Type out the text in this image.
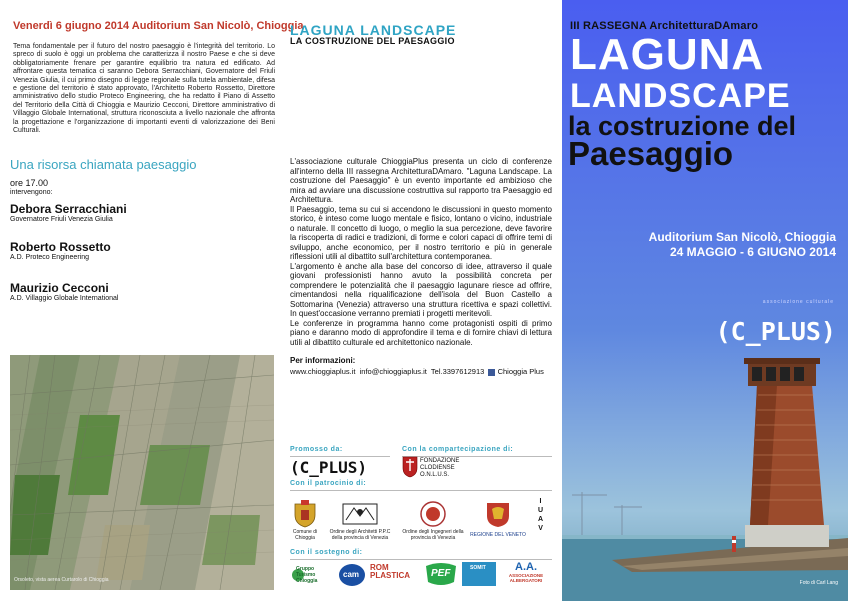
Venerdì 6 giugno 2014 Auditorium San Nicolò, Chioggia
Tema fondamentale per il futuro del nostro paesaggio è l'integrità del territorio. Lo spreco di suolo è oggi un problema che caratterizza il nostro Paese e che si deve obbligatoriamente frenare per garantire equilibrio tra natura ed edificato. Ad affrontare questa tematica ci saranno Debora Serracchiani, Governatore del Friuli Venezia Giulia, il cui primo disegno di legge regionale sulla tutela ambientale, difesa e gestione del territorio è stato approvato, l'Architetto Roberto Rossetto, Direttore amministrativo dello studio Proteco Engineering, che ha redatto il Piano di Assetto del Territorio della Città di Chioggia e Maurizio Cecconi, Direttore amministrativo di Villaggio Globale International, struttura riconosciuta a livello nazionale che affronta la progettazione e l'organizzazione di importanti eventi di valorizzazione dei Beni Culturali.
Una risorsa chiamata paesaggio
ore 17.00
intervengono:
Debora Serracchiani
Governatore Friuli Venezia Giulia
Roberto Rossetto
A.D. Proteco Engineering
Maurizio Cecconi
A.D. Villaggio Globale International
Orsoleto, vista aerea Curtarolo di Chioggia
LAGUNA LANDSCAPE
LA COSTRUZIONE DEL PAESAGGIO
L'associazione culturale ChioggiaPlus presenta un ciclo di conferenze all'interno della III rassegna ArchitetturaDAmaro. "Laguna Landscape. La costruzione del Paesaggio" è un evento importante ed ambizioso che mira ad avviare una discussione costruttiva sul rapporto tra Paesaggio ed Architettura.
Il Paesaggio, tema su cui si accendono le discussioni in questo momento storico, è inteso come luogo mentale e fisico, lontano o vicino, industriale o naturale. Il concetto di luogo, o meglio la sua percezione, deve favorire la riscoperta di radici e tradizioni, di forme e colori capaci di offrire temi di sviluppo, anche economico, per il nostro territorio e più in generale riflessioni utili al dibattito sull'architettura contemporanea.
L'argomento è anche alla base del concorso di idee, attraverso il quale giovani professionisti hanno avuto la possibilità concreta per comprendere le potenzialità che il paesaggio lagunare riesce ad offrire, cimentandosi nella riqualificazione dell'isola del Buon Castello a Sottomarina (Venezia) attraverso una struttura ricettiva e spazi collettivi. In quest'occasione verranno premiati i progetti meritevoli.
Le conferenze in programma hanno come protagonisti ospiti di primo piano e daranno modo di approfondire il tema e di fornire chiavi di lettura utili al dibattito culturale ed architettonico nazionale.
Per informazioni:
www.chioggiaplus.it info@chioggiaplus.it Tel.3397612913 Chioggia Plus
Promosso da:	Con la compartecipazione di:
(C_PLUS)	FONDAZIONE
CLODIENSE
O.N.L.U.S.
Con il patrocinio di:
Comune di Chioggia
Ordine degli Architetti P.P.C della provincia di Venezia
Ordine degli Ingegneri della provincia di Venezia	REGIONE DEL VENETO
I
U
A
V
Con il sostegno di:
Gruppo Turismo Chioggia
cam
ROM PLASTICA	PEF	SOMIT	A.A.
ASSOCIAZIONE ALBERGATORI
III RASSEGNA ArchitetturaDAmaro
LAGUNA
LANDSCAPE
la costruzione del
Paesaggio
Auditorium San Nicolò, Chioggia
24 MAGGIO - 6 GIUGNO 2014
associazione culturale
(C_PLUS)
Foto di Carl Lang
